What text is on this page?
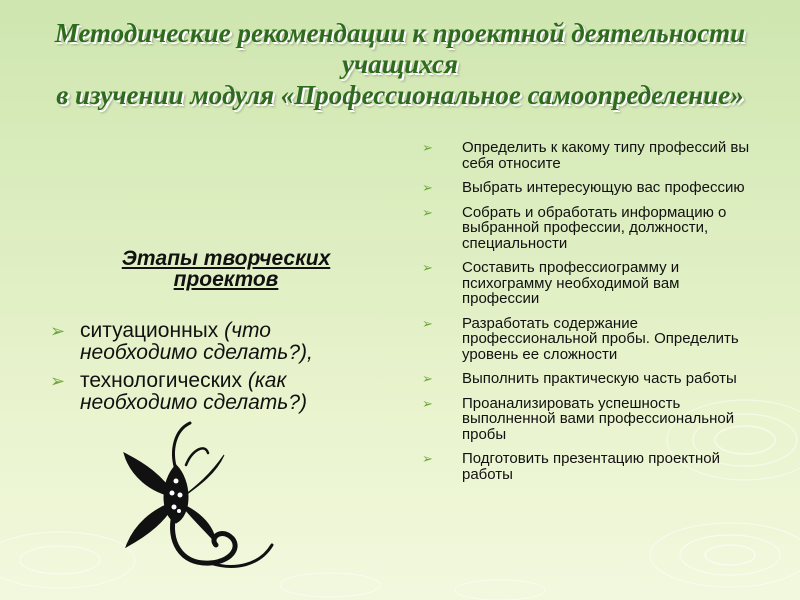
Методические рекомендации к проектной деятельности
учащихся
в изучении модуля «Профессиональное самоопределение»
Этапы творческих проектов
➢ ситуационных (что необходимо сделать?),
➢ технологических (как необходимо сделать?)
➢ Определить к какому типу профессий вы себя относите
➢ Выбрать интересующую вас профессию
➢ Собрать и обработать информацию о выбранной профессии, должности, специальности
➢ Составить профессиограмму и психограмму необходимой вам профессии
➢ Разработать содержание профессиональной пробы. Определить уровень ее сложности
➢ Выполнить практическую часть работы
➢ Проанализировать успешность выполненной вами профессиональной пробы
➢ Подготовить презентацию проектной работы
